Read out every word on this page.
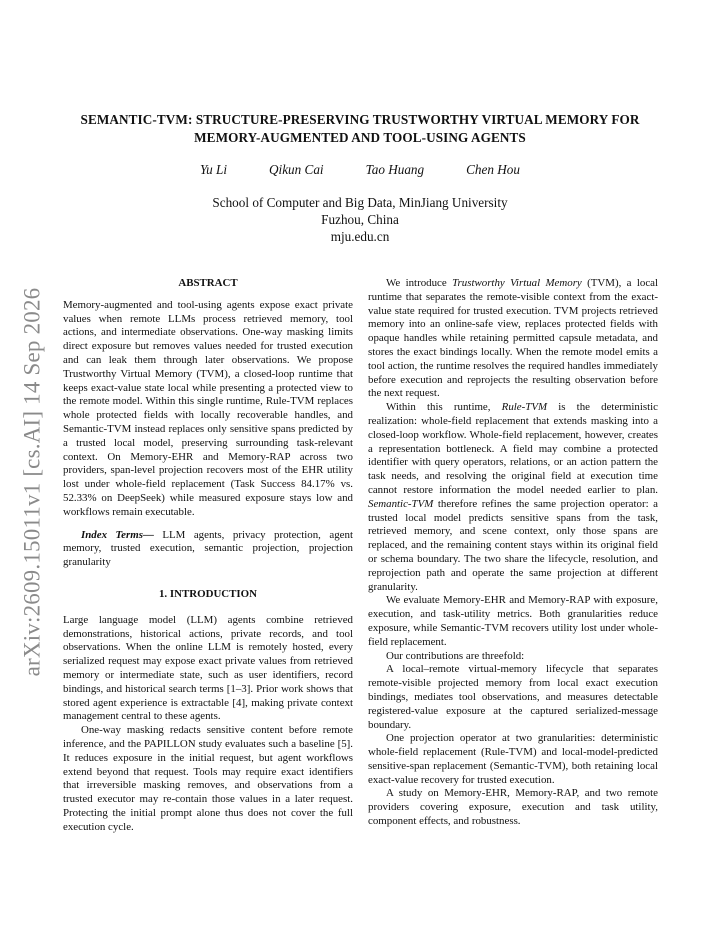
arXiv:2609.15011v1 [cs.AI] 14 Sep 2026
SEMANTIC-TVM: STRUCTURE-PRESERVING TRUSTWORTHY VIRTUAL MEMORY FOR
MEMORY-AUGMENTED AND TOOL-USING AGENTS
Yu Li	Qikun Cai	Tao Huang	Chen Hou
School of Computer and Big Data, MinJiang University
Fuzhou, China
mju.edu.cn
ABSTRACT

Memory-augmented and tool-using agents expose exact private values when remote LLMs process retrieved memory, tool actions, and intermediate observations. One-way masking limits direct exposure but removes values needed for trusted execution and can leak them through later observations. We propose Trustworthy Virtual Memory (TVM), a closed-loop runtime that keeps exact-value state local while presenting a protected view to the remote model. Within this single runtime, Rule-TVM replaces whole protected fields with locally recoverable handles, and Semantic-TVM instead replaces only sensitive spans predicted by a trusted local model, preserving surrounding task-relevant context. On Memory-EHR and Memory-RAP across two providers, span-level projection recovers most of the EHR utility lost under whole-field replacement (Task Success 84.17% vs. 52.33% on DeepSeek) while measured exposure stays low and workflows remain executable.

Index Terms— LLM agents, privacy protection, agent memory, trusted execution, semantic projection, projection granularity

1. INTRODUCTION

Large language model (LLM) agents combine retrieved demonstrations, historical actions, private records, and tool observations. When the online LLM is remotely hosted, every serialized request may expose exact private values from retrieved memory or intermediate state, such as user identifiers, record bindings, and historical search terms [1–3]. Prior work shows that stored agent experience is extractable [4], making private context management central to these agents.

One-way masking redacts sensitive content before remote inference, and the PAPILLON study evaluates such a baseline [5]. It reduces exposure in the initial request, but agent workflows extend beyond that request. Tools may require exact identifiers that irreversible masking removes, and observations from a trusted executor may re-contain those values in a later request. Protecting the initial prompt alone thus does not cover the full execution cycle.

We introduce Trustworthy Virtual Memory (TVM), a local runtime that separates the remote-visible context from the exact-value state required for trusted execution. TVM projects retrieved memory into an online-safe view, replaces protected fields with opaque handles while retaining permitted capsule metadata, and stores the exact bindings locally. When the remote model emits a tool action, the runtime resolves the required handles immediately before execution and reprojects the resulting observation before the next request.

Within this runtime, Rule-TVM is the deterministic realization: whole-field replacement that extends masking into a closed-loop workflow. Whole-field replacement, however, creates a representation bottleneck. A field may combine a protected identifier with query operators, relations, or an action pattern the task needs, and resolving the original field at execution time cannot restore information the model needed earlier to plan. Semantic-TVM therefore refines the same projection operator: a trusted local model predicts sensitive spans from the task, retrieved memory, and scene context, only those spans are replaced, and the remaining content stays within its original field or schema boundary. The two share the lifecycle, resolution, and reprojection path and operate the same projection at different granularity.

We evaluate Memory-EHR and Memory-RAP with exposure, execution, and task-utility metrics. Both granularities reduce exposure, while Semantic-TVM recovers utility lost under whole-field replacement.

Our contributions are threefold:

A local–remote virtual-memory lifecycle that separates remote-visible projected memory from local exact execution bindings, mediates tool observations, and measures detectable registered-value exposure at the captured serialized-message boundary.

One projection operator at two granularities: deterministic whole-field replacement (Rule-TVM) and local-model-predicted sensitive-span replacement (Semantic-TVM), both retaining local exact-value recovery for trusted execution.

A study on Memory-EHR, Memory-RAP, and two remote providers covering exposure, execution and task utility, component effects, and robustness.
